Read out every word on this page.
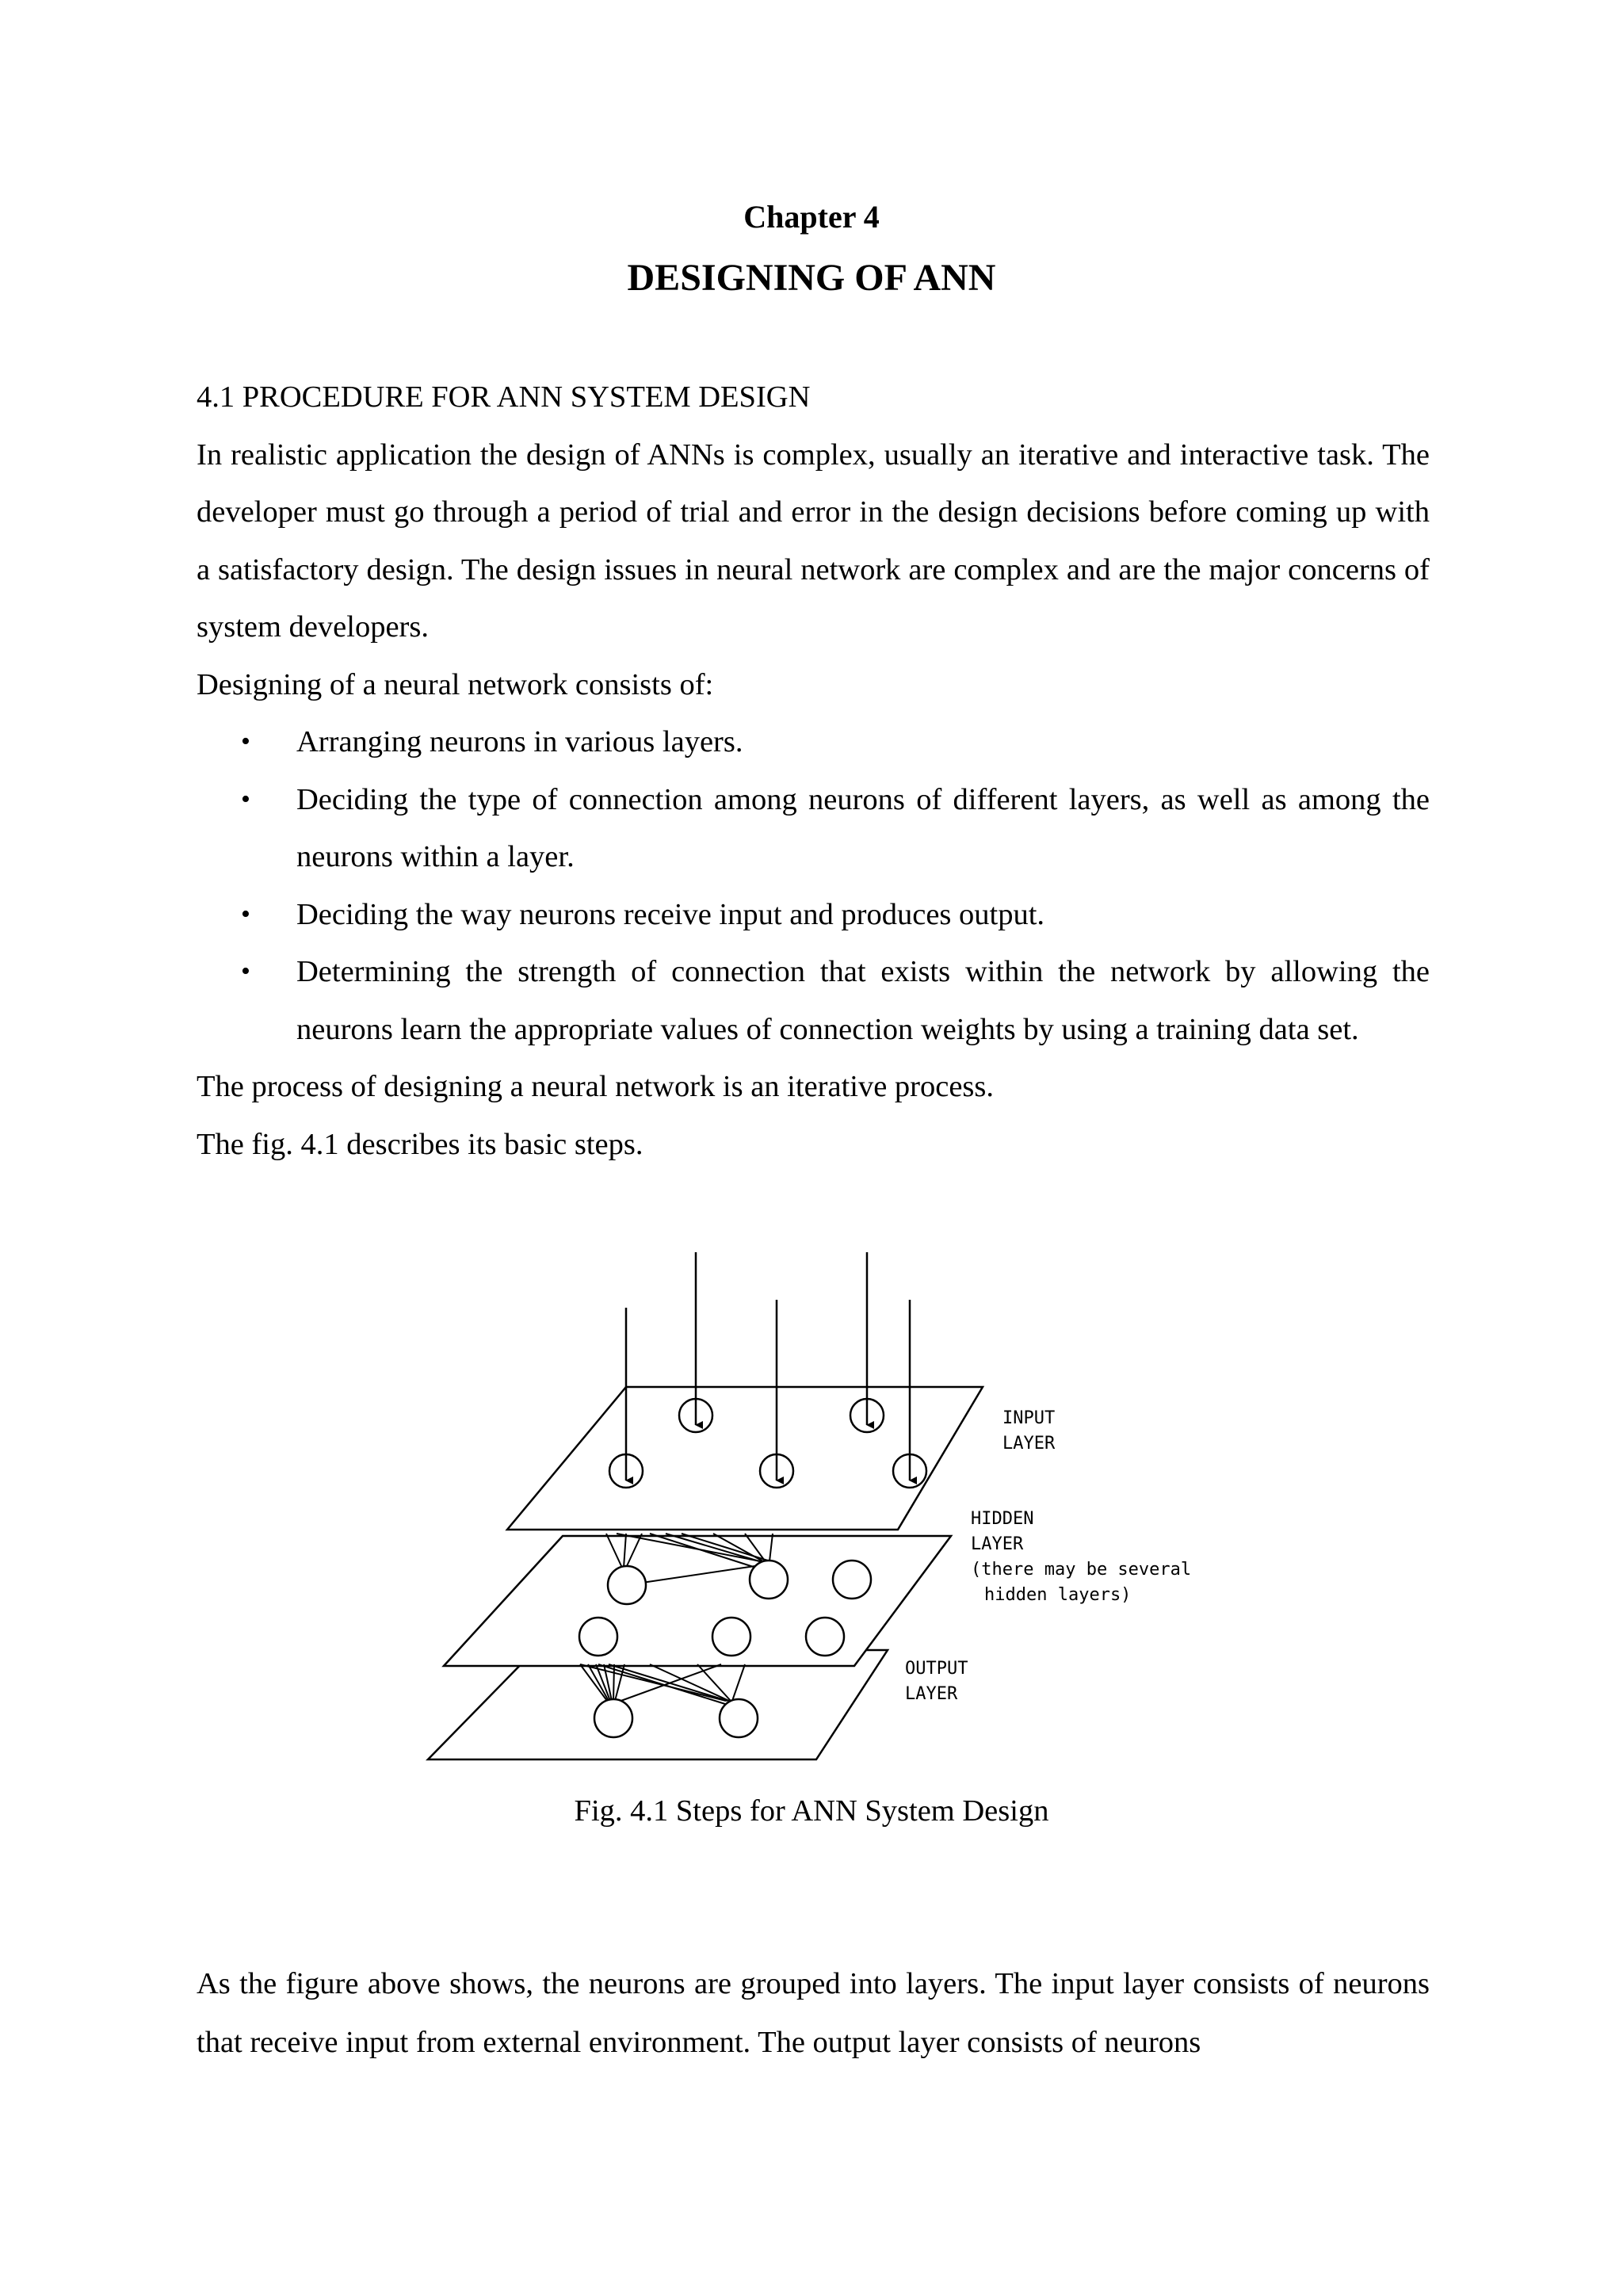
Chapter 4
DESIGNING OF ANN

4.1 PROCEDURE FOR ANN SYSTEM DESIGN

In realistic application the design of ANNs is complex, usually an iterative and interactive task. The developer must go through a period of trial and error in the design decisions before coming up with a satisfactory design. The design issues in neural network are complex and are the major concerns of system developers.

Designing of a neural network consists of:

• Arranging neurons in various layers.
• Deciding the type of connection among neurons of different layers, as well as among the neurons within a layer.
• Deciding the way neurons receive input and produces output.
• Determining the strength of connection that exists within the network by allowing the neurons learn the appropriate values of connection weights by using a training data set.

The process of designing a neural network is an iterative process.

The fig. 4.1 describes its basic steps.

INPUT
LAYER
HIDDEN
LAYER
(there may be several
hidden layers)
OUTPUT
LAYER
Fig. 4.1 Steps for ANN System Design

As the figure above shows, the neurons are grouped into layers. The input layer consists of neurons that receive input from external environment. The output layer consists of neurons
